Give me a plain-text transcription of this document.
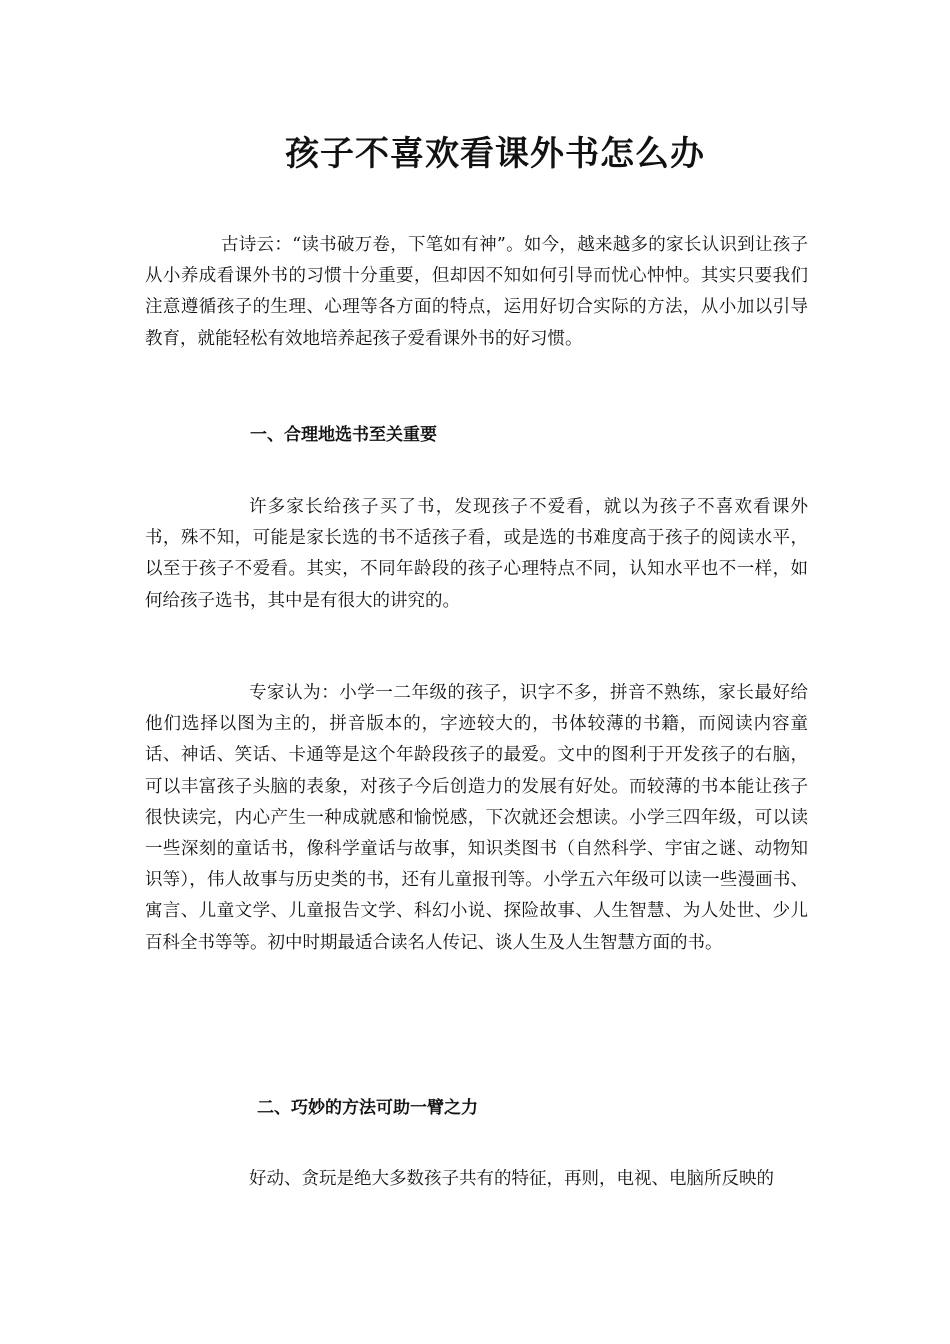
孩子不喜欢看课外书怎么办

古诗云：“读书破万卷，下笔如有神”。如今，越来越多的家长认识到让孩子从小养成看课外书的习惯十分重要，但却因不知如何引导而忧心忡忡。其实只要我们注意遵循孩子的生理、心理等各方面的特点，运用好切合实际的方法，从小加以引导教育，就能轻松有效地培养起孩子爱看课外书的好习惯。

一、合理地选书至关重要

许多家长给孩子买了书，发现孩子不爱看，就以为孩子不喜欢看课外书，殊不知，可能是家长选的书不适孩子看，或是选的书难度高于孩子的阅读水平，以至于孩子不爱看。其实，不同年龄段的孩子心理特点不同，认知水平也不一样，如何给孩子选书，其中是有很大的讲究的。

专家认为：小学一二年级的孩子，识字不多，拼音不熟练，家长最好给他们选择以图为主的，拼音版本的，字迹较大的，书体较薄的书籍，而阅读内容童话、神话、笑话、卡通等是这个年龄段孩子的最爱。文中的图利于开发孩子的右脑，可以丰富孩子头脑的表象，对孩子今后创造力的发展有好处。而较薄的书本能让孩子很快读完，内心产生一种成就感和愉悦感，下次就还会想读。小学三四年级，可以读一些深刻的童话书，像科学童话与故事，知识类图书（自然科学、宇宙之谜、动物知识等），伟人故事与历史类的书，还有儿童报刊等。小学五六年级可以读一些漫画书、寓言、儿童文学、儿童报告文学、科幻小说、探险故事、人生智慧、为人处世、少儿百科全书等等。初中时期最适合读名人传记、谈人生及人生智慧方面的书。

二、巧妙的方法可助一臂之力

好动、贪玩是绝大多数孩子共有的特征，再则，电视、电脑所反映的
